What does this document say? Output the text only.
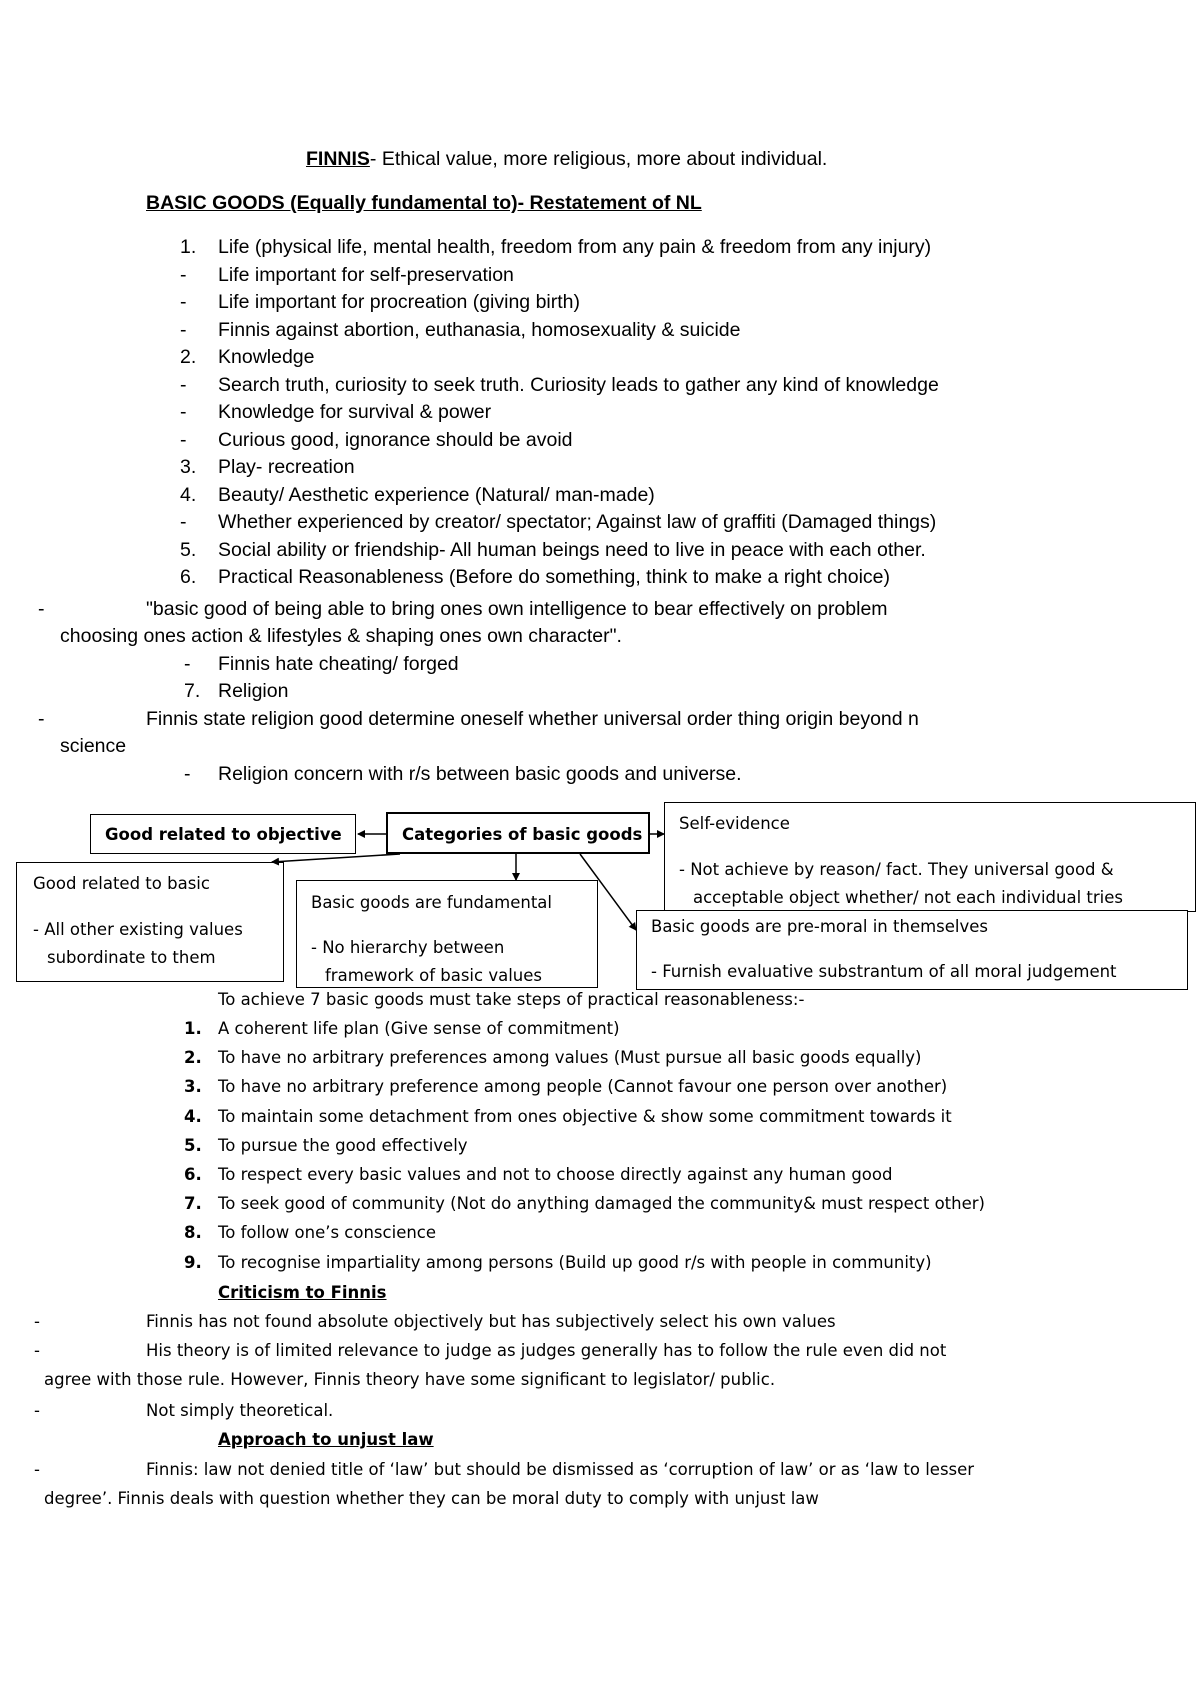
FINNIS- Ethical value, more religious, more about individual.
BASIC GOODS (Equally fundamental to)- Restatement of NL
1. Life (physical life, mental health, freedom from any pain & freedom from any injury)
- Life important for self-preservation
- Life important for procreation (giving birth)
- Finnis against abortion, euthanasia, homosexuality & suicide
2. Knowledge
- Search truth, curiosity to seek truth. Curiosity leads to gather any kind of knowledge
- Knowledge for survival & power
- Curious good, ignorance should be avoid
3. Play- recreation
4. Beauty/ Aesthetic experience (Natural/ man-made)
- Whether experienced by creator/ spectator; Against law of graffiti (Damaged things)
5. Social ability or friendship- All human beings need to live in peace with each other.
6. Practical Reasonableness (Before do something, think to make a right choice)
-	"basic good of being able to bring ones own intelligence to bear effectively on problem
choosing ones action & lifestyles & shaping ones own character".
- Finnis hate cheating/ forged
7. Religion
-	Finnis state religion good determine oneself whether universal order thing origin beyond n
science
- Religion concern with r/s between basic goods and universe.
To achieve 7 basic goods must take steps of practical reasonableness:-
Good related to objective	Categories of basic goods
Self-evidence
- Not achieve by reason/ fact. They universal good &
acceptable object whether/ not each individual tries
Good related to basic
- All other existing values
subordinate to them
Basic goods are fundamental
- No hierarchy between
framework of basic values
Basic goods are pre-moral in themselves
- Furnish evaluative substrantum of all moral judgement
1. A coherent life plan (Give sense of commitment)
2. To have no arbitrary preferences among values (Must pursue all basic goods equally)
3. To have no arbitrary preference among people (Cannot favour one person over another)
4. To maintain some detachment from ones objective & show some commitment towards it
5. To pursue the good effectively
6. To respect every basic values and not to choose directly against any human good
7. To seek good of community (Not do anything damaged the community& must respect other)
8. To follow one’s conscience
9. To recognise impartiality among persons (Build up good r/s with people in community)
Criticism to Finnis
-	Finnis has not found absolute objectively but has subjectively select his own values
-	His theory is of limited relevance to judge as judges generally has to follow the rule even did not
agree with those rule. However, Finnis theory have some significant to legislator/ public.
-	Not simply theoretical.
Approach to unjust law
-	Finnis: law not denied title of ‘law’ but should be dismissed as ‘corruption of law’ or as ‘law to lesser
degree’. Finnis deals with question whether they can be moral duty to comply with unjust law
